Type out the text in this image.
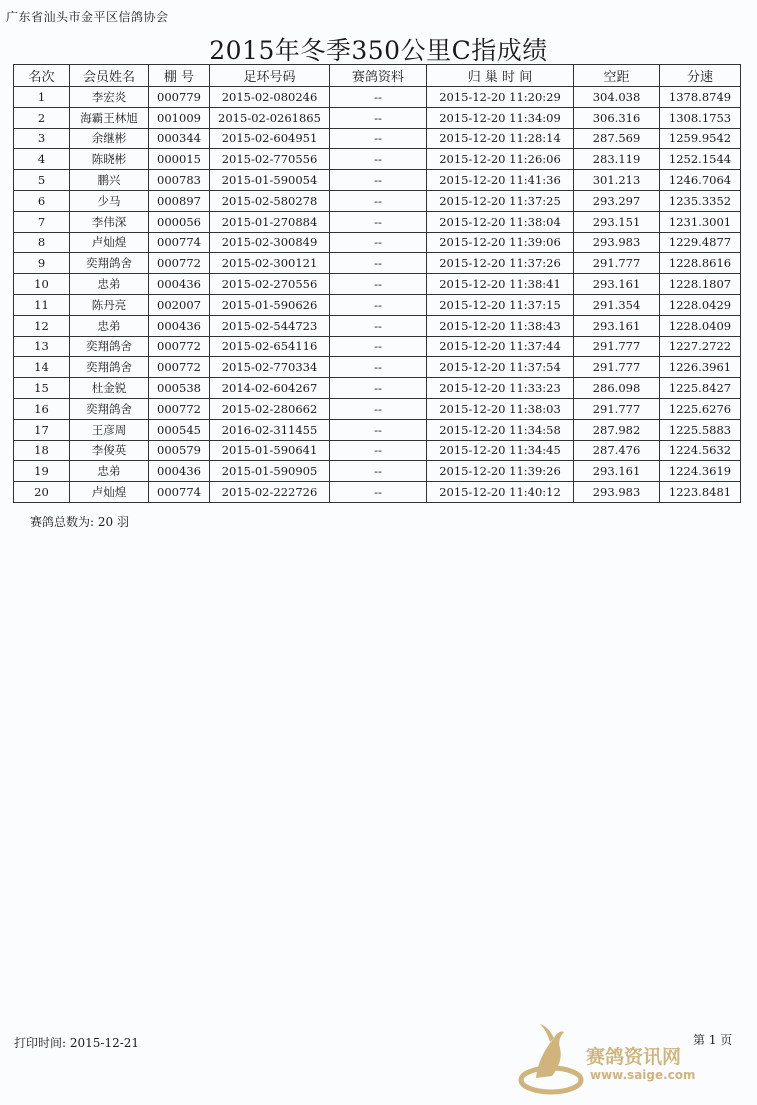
广东省汕头市金平区信鸽协会
2015年冬季350公里C指成绩
名次	会员姓名	棚 号	足环号码	赛鸽资料	归 巢 时 间	空距	分速
1	李宏炎	000779	2015-02-080246	--	2015-12-20 11:20:29	304.038	1378.8749
2	海霸王林旭	001009	2015-02-0261865	--	2015-12-20 11:34:09	306.316	1308.1753
3	余继彬	000344	2015-02-604951	--	2015-12-20 11:28:14	287.569	1259.9542
4	陈晓彬	000015	2015-02-770556	--	2015-12-20 11:26:06	283.119	1252.1544
5	鹏兴	000783	2015-01-590054	--	2015-12-20 11:41:36	301.213	1246.7064
6	少马	000897	2015-02-580278	--	2015-12-20 11:37:25	293.297	1235.3352
7	李伟深	000056	2015-01-270884	--	2015-12-20 11:38:04	293.151	1231.3001
8	卢灿煌	000774	2015-02-300849	--	2015-12-20 11:39:06	293.983	1229.4877
9	奕翔鸽舍	000772	2015-02-300121	--	2015-12-20 11:37:26	291.777	1228.8616
10	忠弟	000436	2015-02-270556	--	2015-12-20 11:38:41	293.161	1228.1807
11	陈丹亮	002007	2015-01-590626	--	2015-12-20 11:37:15	291.354	1228.0429
12	忠弟	000436	2015-02-544723	--	2015-12-20 11:38:43	293.161	1228.0409
13	奕翔鸽舍	000772	2015-02-654116	--	2015-12-20 11:37:44	291.777	1227.2722
14	奕翔鸽舍	000772	2015-02-770334	--	2015-12-20 11:37:54	291.777	1226.3961
15	杜金锐	000538	2014-02-604267	--	2015-12-20 11:33:23	286.098	1225.8427
16	奕翔鸽舍	000772	2015-02-280662	--	2015-12-20 11:38:03	291.777	1225.6276
17	王彦周	000545	2016-02-311455	--	2015-12-20 11:34:58	287.982	1225.5883
18	李俊英	000579	2015-01-590641	--	2015-12-20 11:34:45	287.476	1224.5632
19	忠弟	000436	2015-01-590905	--	2015-12-20 11:39:26	293.161	1224.3619
20	卢灿煌	000774	2015-02-222726	--	2015-12-20 11:40:12	293.983	1223.8481
赛鸽总数为: 20 羽
打印时间: 2015-12-21	第 1 页
赛鸽资讯网
www.saige.com
